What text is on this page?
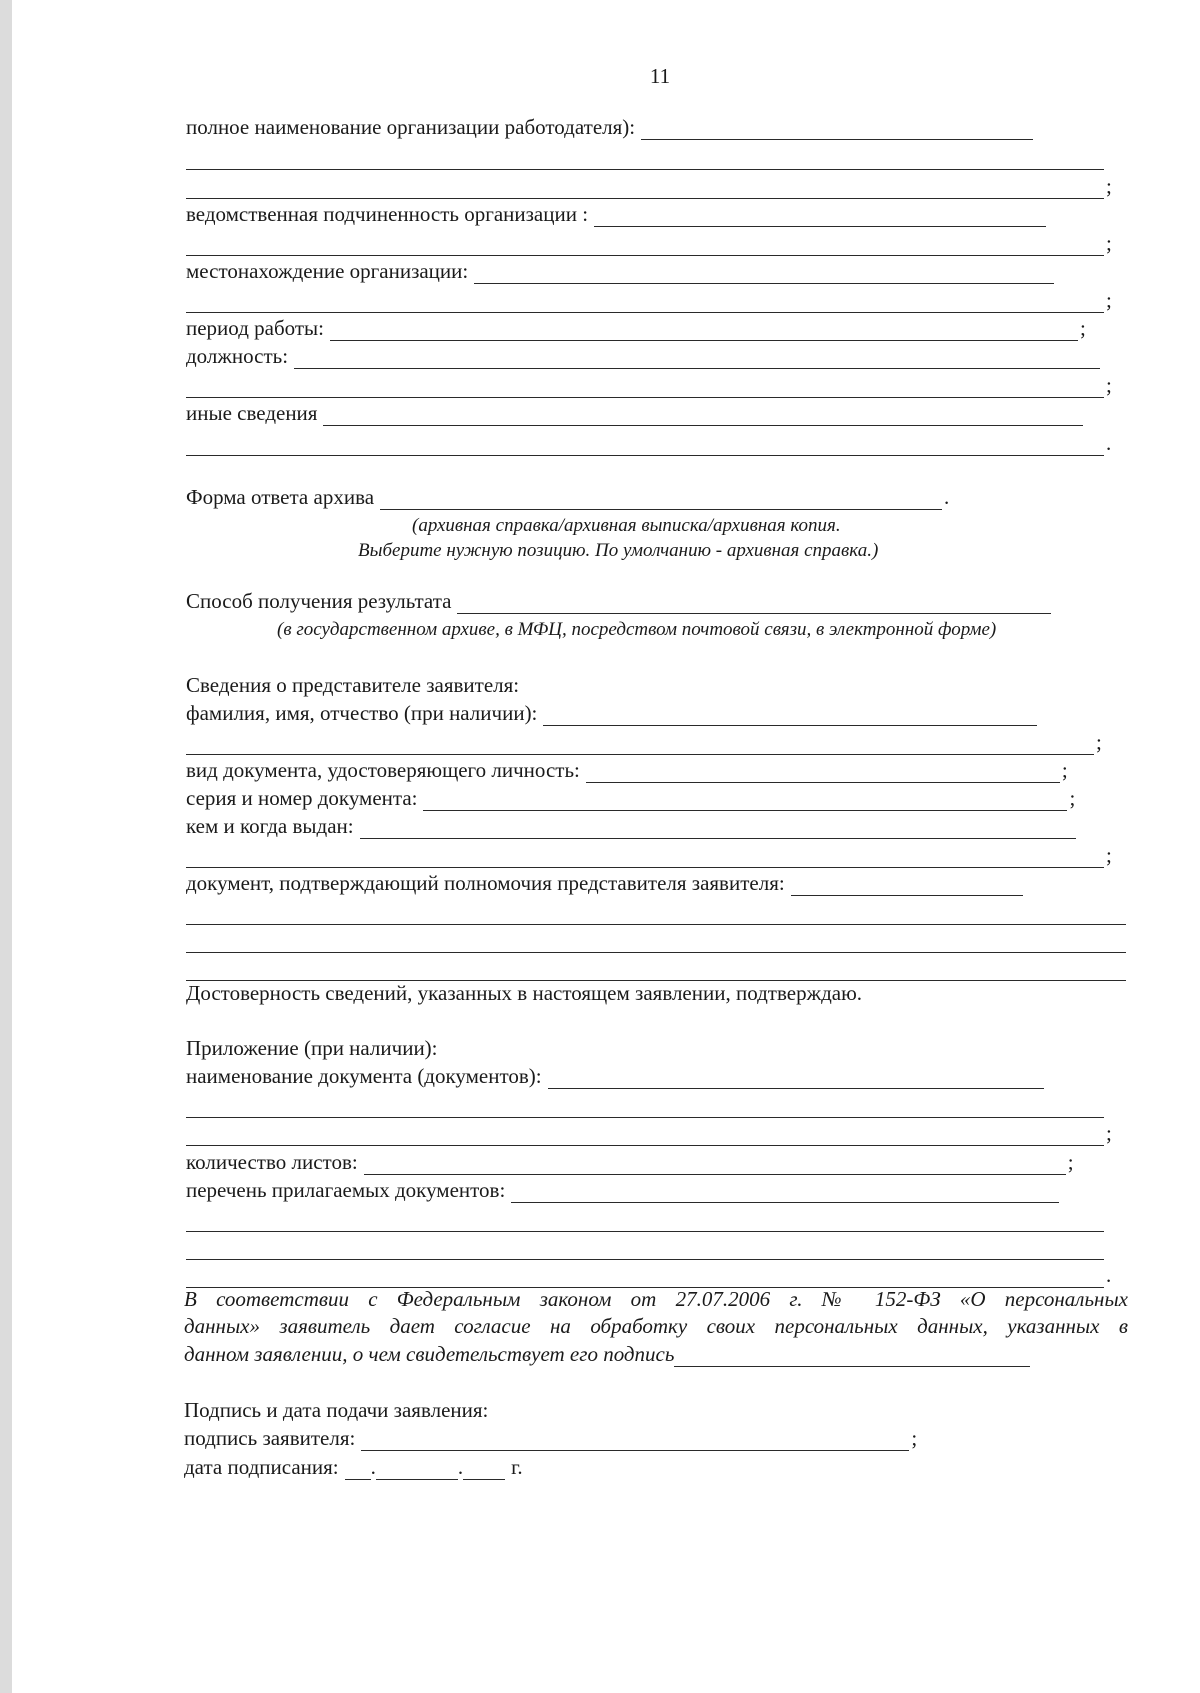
11
полное наименование организации работодателя):
;
ведомственная подчиненность организации :
;
местонахождение организации:
;
период работы:	;
должность:
;
иные сведения
.
Форма ответа архива	.
(архивная справка/архивная выписка/архивная копия.
Выберите нужную позицию. По умолчанию - архивная справка.)
Способ получения результата
(в государственном архиве, в МФЦ, посредством почтовой связи, в электронной форме)
Сведения о представителе заявителя:
фамилия, имя, отчество (при наличии):
;
вид документа, удостоверяющего личность:	;
серия и номер документа:	;
кем и когда выдан:
;
документ, подтверждающий полномочия представителя заявителя:
Достоверность сведений, указанных в настоящем заявлении, подтверждаю.
Приложение (при наличии):
наименование документа (документов):
;
количество листов:	;
перечень прилагаемых документов:
.
В соответствии с Федеральным законом от 27.07.2006 г. № 152-ФЗ «О персональных
данных» заявитель дает согласие на обработку своих персональных данных, указанных в
данном заявлении, о чем свидетельствует его подпись
Подпись и дата подачи заявления:
подпись заявителя:	;
дата подписания: .	. г.
